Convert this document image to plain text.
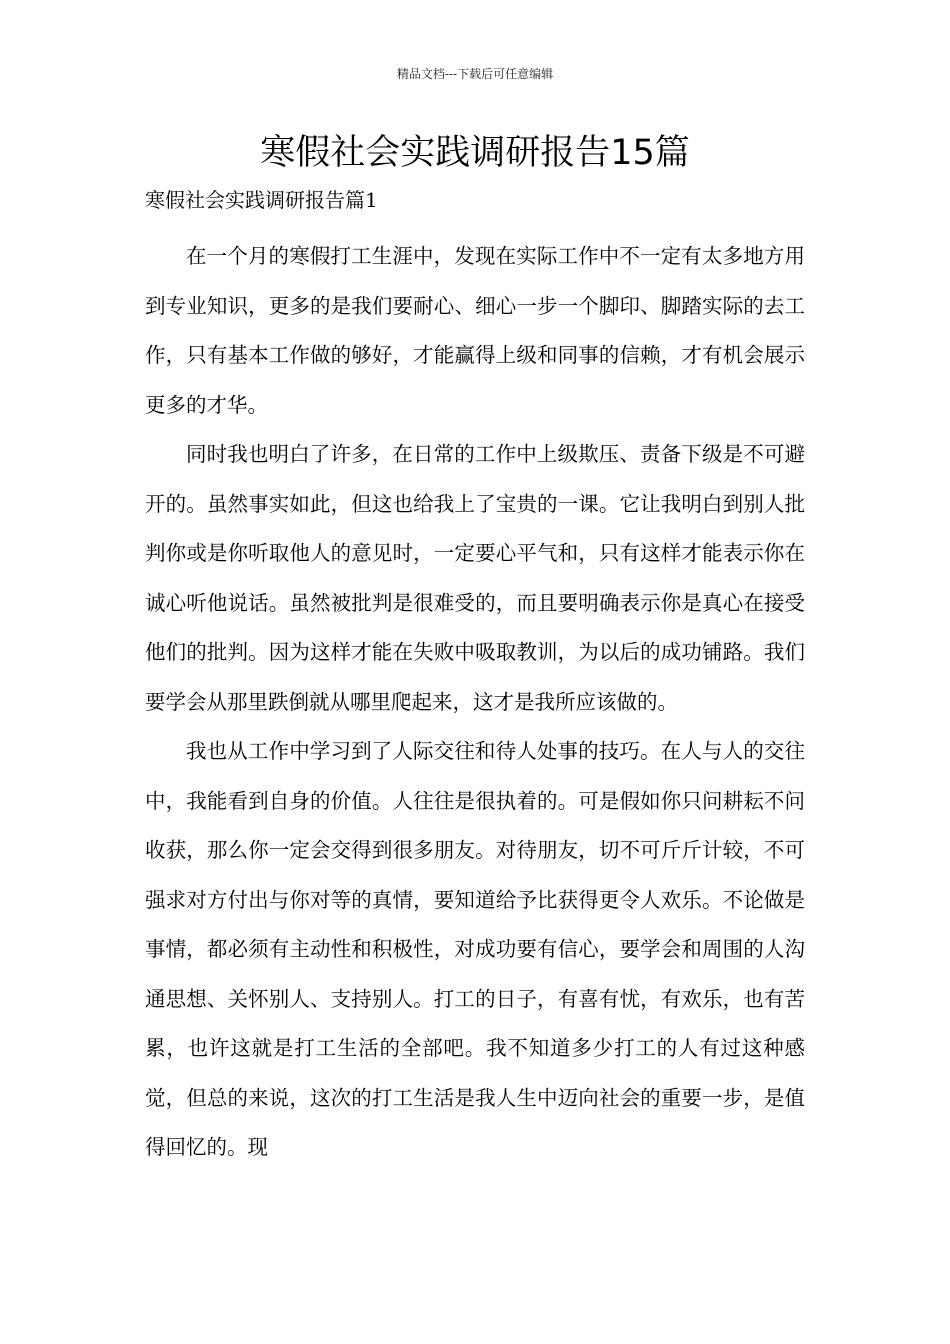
精品文档---下载后可任意编辑
寒假社会实践调研报告15篇
寒假社会实践调研报告篇1

在一个月的寒假打工生涯中，发现在实际工作中不一定有太多地方用到专业知识，更多的是我们要耐心、细心一步一个脚印、脚踏实际的去工作，只有基本工作做的够好，才能赢得上级和同事的信赖，才有机会展示更多的才华。

同时我也明白了许多，在日常的工作中上级欺压、责备下级是不可避开的。虽然事实如此，但这也给我上了宝贵的一课。它让我明白到别人批判你或是你听取他人的意见时，一定要心平气和，只有这样才能表示你在诚心听他说话。虽然被批判是很难受的，而且要明确表示你是真心在接受他们的批判。因为这样才能在失败中吸取教训，为以后的成功铺路。我们要学会从那里跌倒就从哪里爬起来，这才是我所应该做的。

我也从工作中学习到了人际交往和待人处事的技巧。在人与人的交往中，我能看到自身的价值。人往往是很执着的。可是假如你只问耕耘不问收获，那么你一定会交得到很多朋友。对待朋友，切不可斤斤计较，不可强求对方付出与你对等的真情，要知道给予比获得更令人欢乐。不论做是事情，都必须有主动性和积极性，对成功要有信心，要学会和周围的人沟通思想、关怀别人、支持别人。打工的日子，有喜有忧，有欢乐，也有苦累，也许这就是打工生活的全部吧。我不知道多少打工的人有过这种感觉，但总的来说，这次的打工生活是我人生中迈向社会的重要一步，是值得回忆的。现
